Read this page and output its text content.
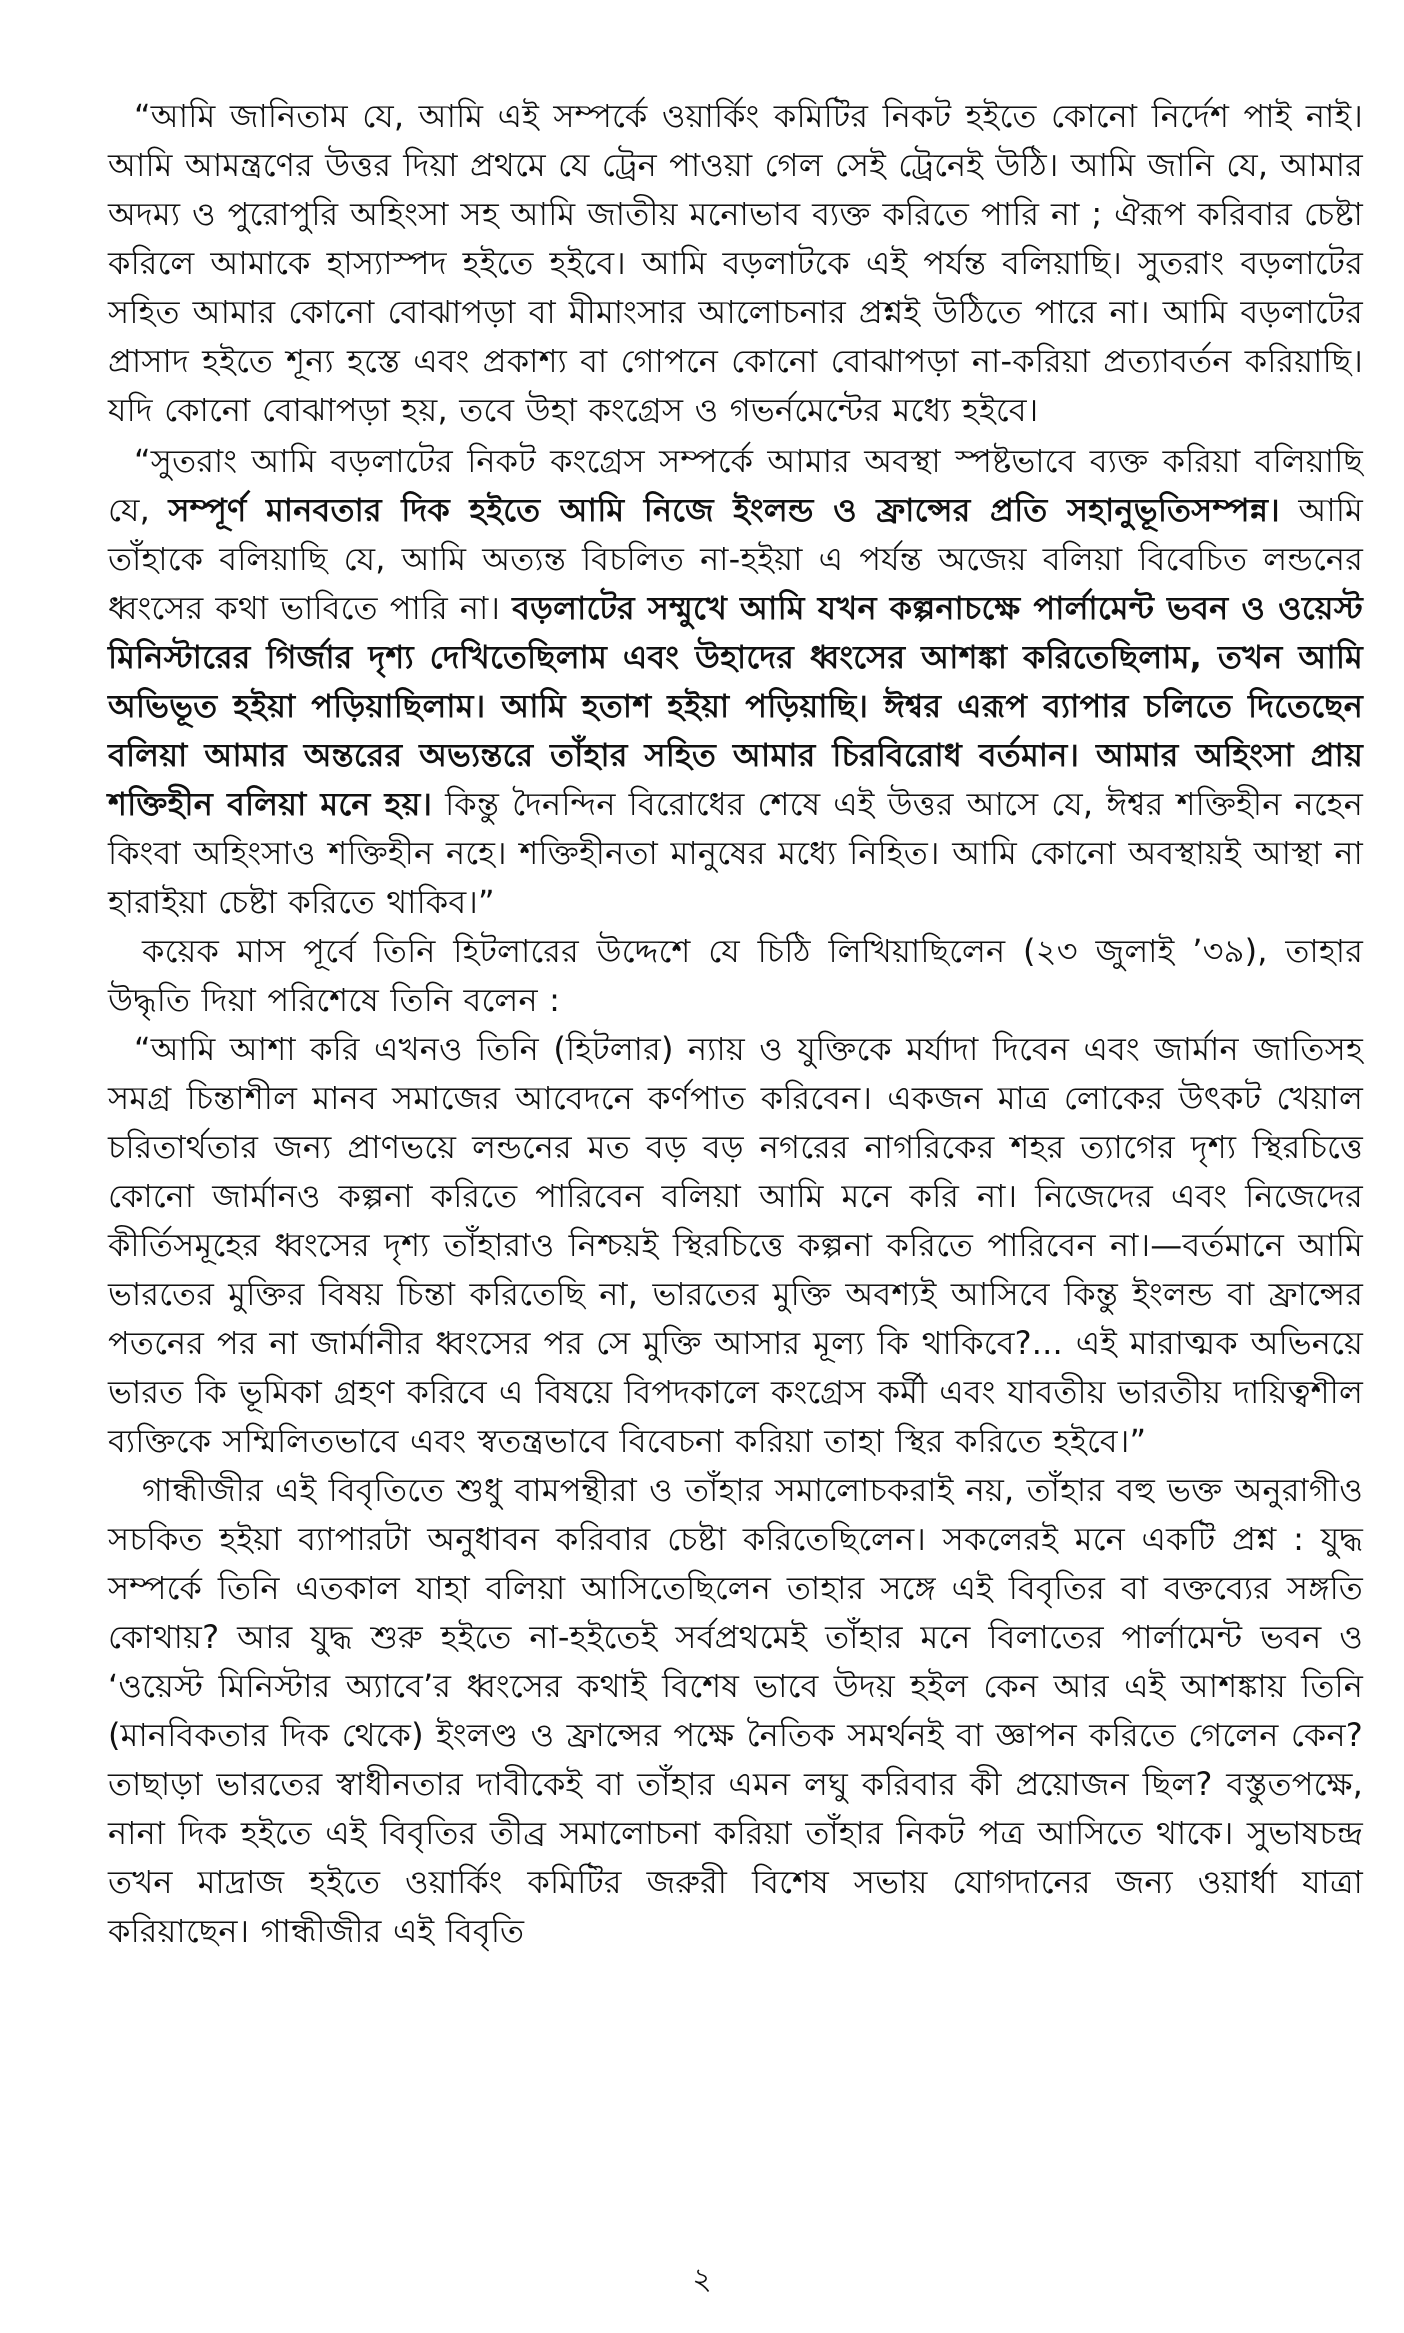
“আমি জানিতাম যে, আমি এই সম্পর্কে ওয়ার্কিং কমিটির নিকট হইতে কোনো নির্দেশ পাই নাই। আমি আমন্ত্রণের উত্তর দিয়া প্রথমে যে ট্রেন পাওয়া গেল সেই ট্রেনেই উঠি। আমি জানি যে, আমার অদম্য ও পুরোপুরি অহিংসা সহ আমি জাতীয় মনোভাব ব্যক্ত করিতে পারি না ; ঐরূপ করিবার চেষ্টা করিলে আমাকে হাস্যাস্পদ হইতে হইবে। আমি বড়লাটকে এই পর্যন্ত বলিয়াছি। সুতরাং বড়লাটের সহিত আমার কোনো বোঝাপড়া বা মীমাংসার আলোচনার প্রশ্নই উঠিতে পারে না। আমি বড়লাটের প্রাসাদ হইতে শূন্য হস্তে এবং প্রকাশ্য বা গোপনে কোনো বোঝাপড়া না-করিয়া প্রত্যাবর্তন করিয়াছি। যদি কোনো বোঝাপড়া হয়, তবে উহা কংগ্রেস ও গভর্নমেন্টের মধ্যে হইবে।

“সুতরাং আমি বড়লাটের নিকট কংগ্রেস সম্পর্কে আমার অবস্থা স্পষ্টভাবে ব্যক্ত করিয়া বলিয়াছি যে, সম্পূর্ণ মানবতার দিক হইতে আমি নিজে ইংলন্ড ও ফ্রান্সের প্রতি সহানুভূতিসম্পন্ন। আমি তাঁহাকে বলিয়াছি যে, আমি অত্যন্ত বিচলিত না-হইয়া এ পর্যন্ত অজেয় বলিয়া বিবেচিত লন্ডনের ধ্বংসের কথা ভাবিতে পারি না। বড়লাটের সম্মুখে আমি যখন কল্পনাচক্ষে পার্লামেন্ট ভবন ও ওয়েস্ট মিনিস্টারের গির্জার দৃশ্য দেখিতেছিলাম এবং উহাদের ধ্বংসের আশঙ্কা করিতেছিলাম, তখন আমি অভিভূত হইয়া পড়িয়াছিলাম। আমি হতাশ হইয়া পড়িয়াছি। ঈশ্বর এরূপ ব্যাপার চলিতে দিতেছেন বলিয়া আমার অন্তরের অভ্যন্তরে তাঁহার সহিত আমার চিরবিরোধ বর্তমান। আমার অহিংসা প্রায় শক্তিহীন বলিয়া মনে হয়। কিন্তু দৈনন্দিন বিরোধের শেষে এই উত্তর আসে যে, ঈশ্বর শক্তিহীন নহেন কিংবা অহিংসাও শক্তিহীন নহে। শক্তিহীনতা মানুষের মধ্যে নিহিত। আমি কোনো অবস্থায়ই আস্থা না হারাইয়া চেষ্টা করিতে থাকিব।”

কয়েক মাস পূর্বে তিনি হিটলারের উদ্দেশে যে চিঠি লিখিয়াছিলেন (২৩ জুলাই ’৩৯), তাহার উদ্ধৃতি দিয়া পরিশেষে তিনি বলেন :

“আমি আশা করি এখনও তিনি (হিটলার) ন্যায় ও যুক্তিকে মর্যাদা দিবেন এবং জার্মান জাতিসহ সমগ্র চিন্তাশীল মানব সমাজের আবেদনে কর্ণপাত করিবেন। একজন মাত্র লোকের উৎকট খেয়াল চরিতার্থতার জন্য প্রাণভয়ে লন্ডনের মত বড় বড় নগরের নাগরিকের শহর ত্যাগের দৃশ্য স্থিরচিত্তে কোনো জার্মানও কল্পনা করিতে পারিবেন বলিয়া আমি মনে করি না। নিজেদের এবং নিজেদের কীর্তিসমূহের ধ্বংসের দৃশ্য তাঁহারাও নিশ্চয়ই স্থিরচিত্তে কল্পনা করিতে পারিবেন না।—বর্তমানে আমি ভারতের মুক্তির বিষয় চিন্তা করিতেছি না, ভারতের মুক্তি অবশ্যই আসিবে কিন্তু ইংলন্ড বা ফ্রান্সের পতনের পর না জার্মানীর ধ্বংসের পর সে মুক্তি আসার মূল্য কি থাকিবে?... এই মারাত্মক অভিনয়ে ভারত কি ভূমিকা গ্রহণ করিবে এ বিষয়ে বিপদকালে কংগ্রেস কর্মী এবং যাবতীয় ভারতীয় দায়িত্বশীল ব্যক্তিকে সম্মিলিতভাবে এবং স্বতন্ত্রভাবে বিবেচনা করিয়া তাহা স্থির করিতে হইবে।”

গান্ধীজীর এই বিবৃতিতে শুধু বামপন্থীরা ও তাঁহার সমালোচকরাই নয়, তাঁহার বহু ভক্ত অনুরাগীও সচকিত হইয়া ব্যাপারটা অনুধাবন করিবার চেষ্টা করিতেছিলেন। সকলেরই মনে একটি প্রশ্ন : যুদ্ধ সম্পর্কে তিনি এতকাল যাহা বলিয়া আসিতেছিলেন তাহার সঙ্গে এই বিবৃতির বা বক্তব্যের সঙ্গতি কোথায়? আর যুদ্ধ শুরু হইতে না-হইতেই সর্বপ্রথমেই তাঁহার মনে বিলাতের পার্লামেন্ট ভবন ও ‘ওয়েস্ট মিনিস্টার অ্যাবে’র ধ্বংসের কথাই বিশেষ ভাবে উদয় হইল কেন আর এই আশঙ্কায় তিনি (মানবিকতার দিক থেকে) ইংলণ্ড ও ফ্রান্সের পক্ষে নৈতিক সমর্থনই বা জ্ঞাপন করিতে গেলেন কেন? তাছাড়া ভারতের স্বাধীনতার দাবীকেই বা তাঁহার এমন লঘু করিবার কী প্রয়োজন ছিল? বস্তুতপক্ষে, নানা দিক হইতে এই বিবৃতির তীব্র সমালোচনা করিয়া তাঁহার নিকট পত্র আসিতে থাকে। সুভাষচন্দ্র তখন মাদ্রাজ হইতে ওয়ার্কিং কমিটির জরুরী বিশেষ সভায় যোগদানের জন্য ওয়ার্ধা যাত্রা করিয়াছেন। গান্ধীজীর এই বিবৃতি

২
